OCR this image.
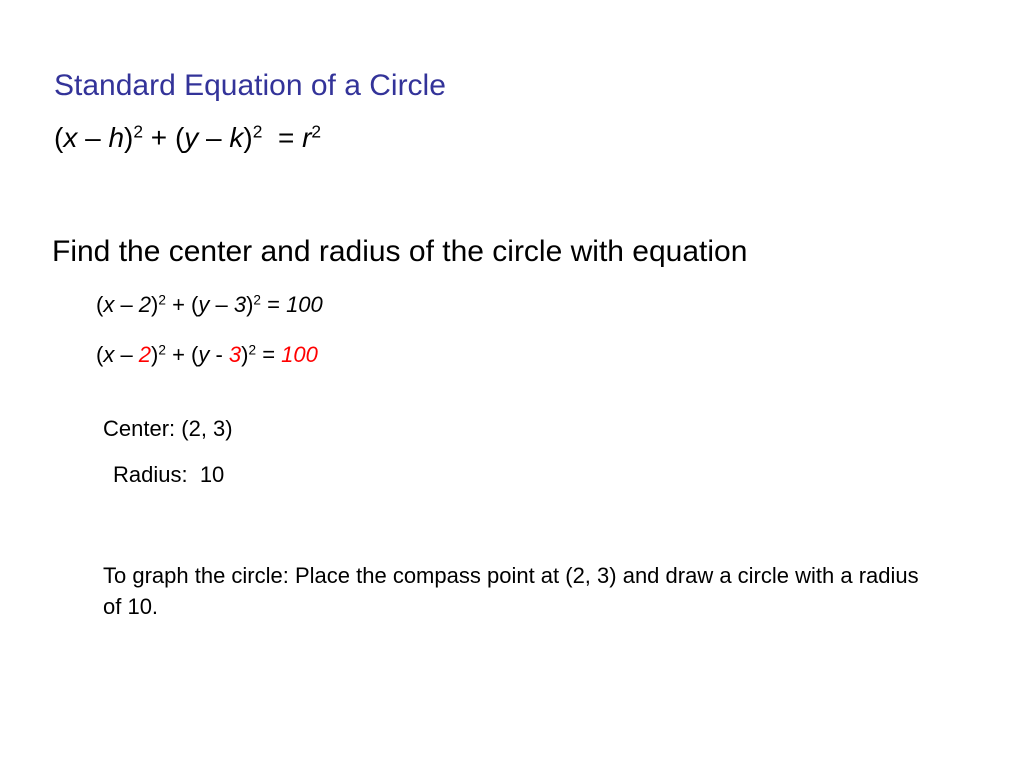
Standard Equation of a Circle
$(x - h)^2 + (y - k)^2 = r^2$
Find the center and radius of the circle with equation
(x – 2)$^2$ + (y – 3)$^2$ = 100
(x – 2)$^2$ + (y - 3)$^2$ = 100
Center: (2, 3)
Radius:  10
To graph the circle: Place the compass point at (2, 3) and draw a circle with a radius of 10.
